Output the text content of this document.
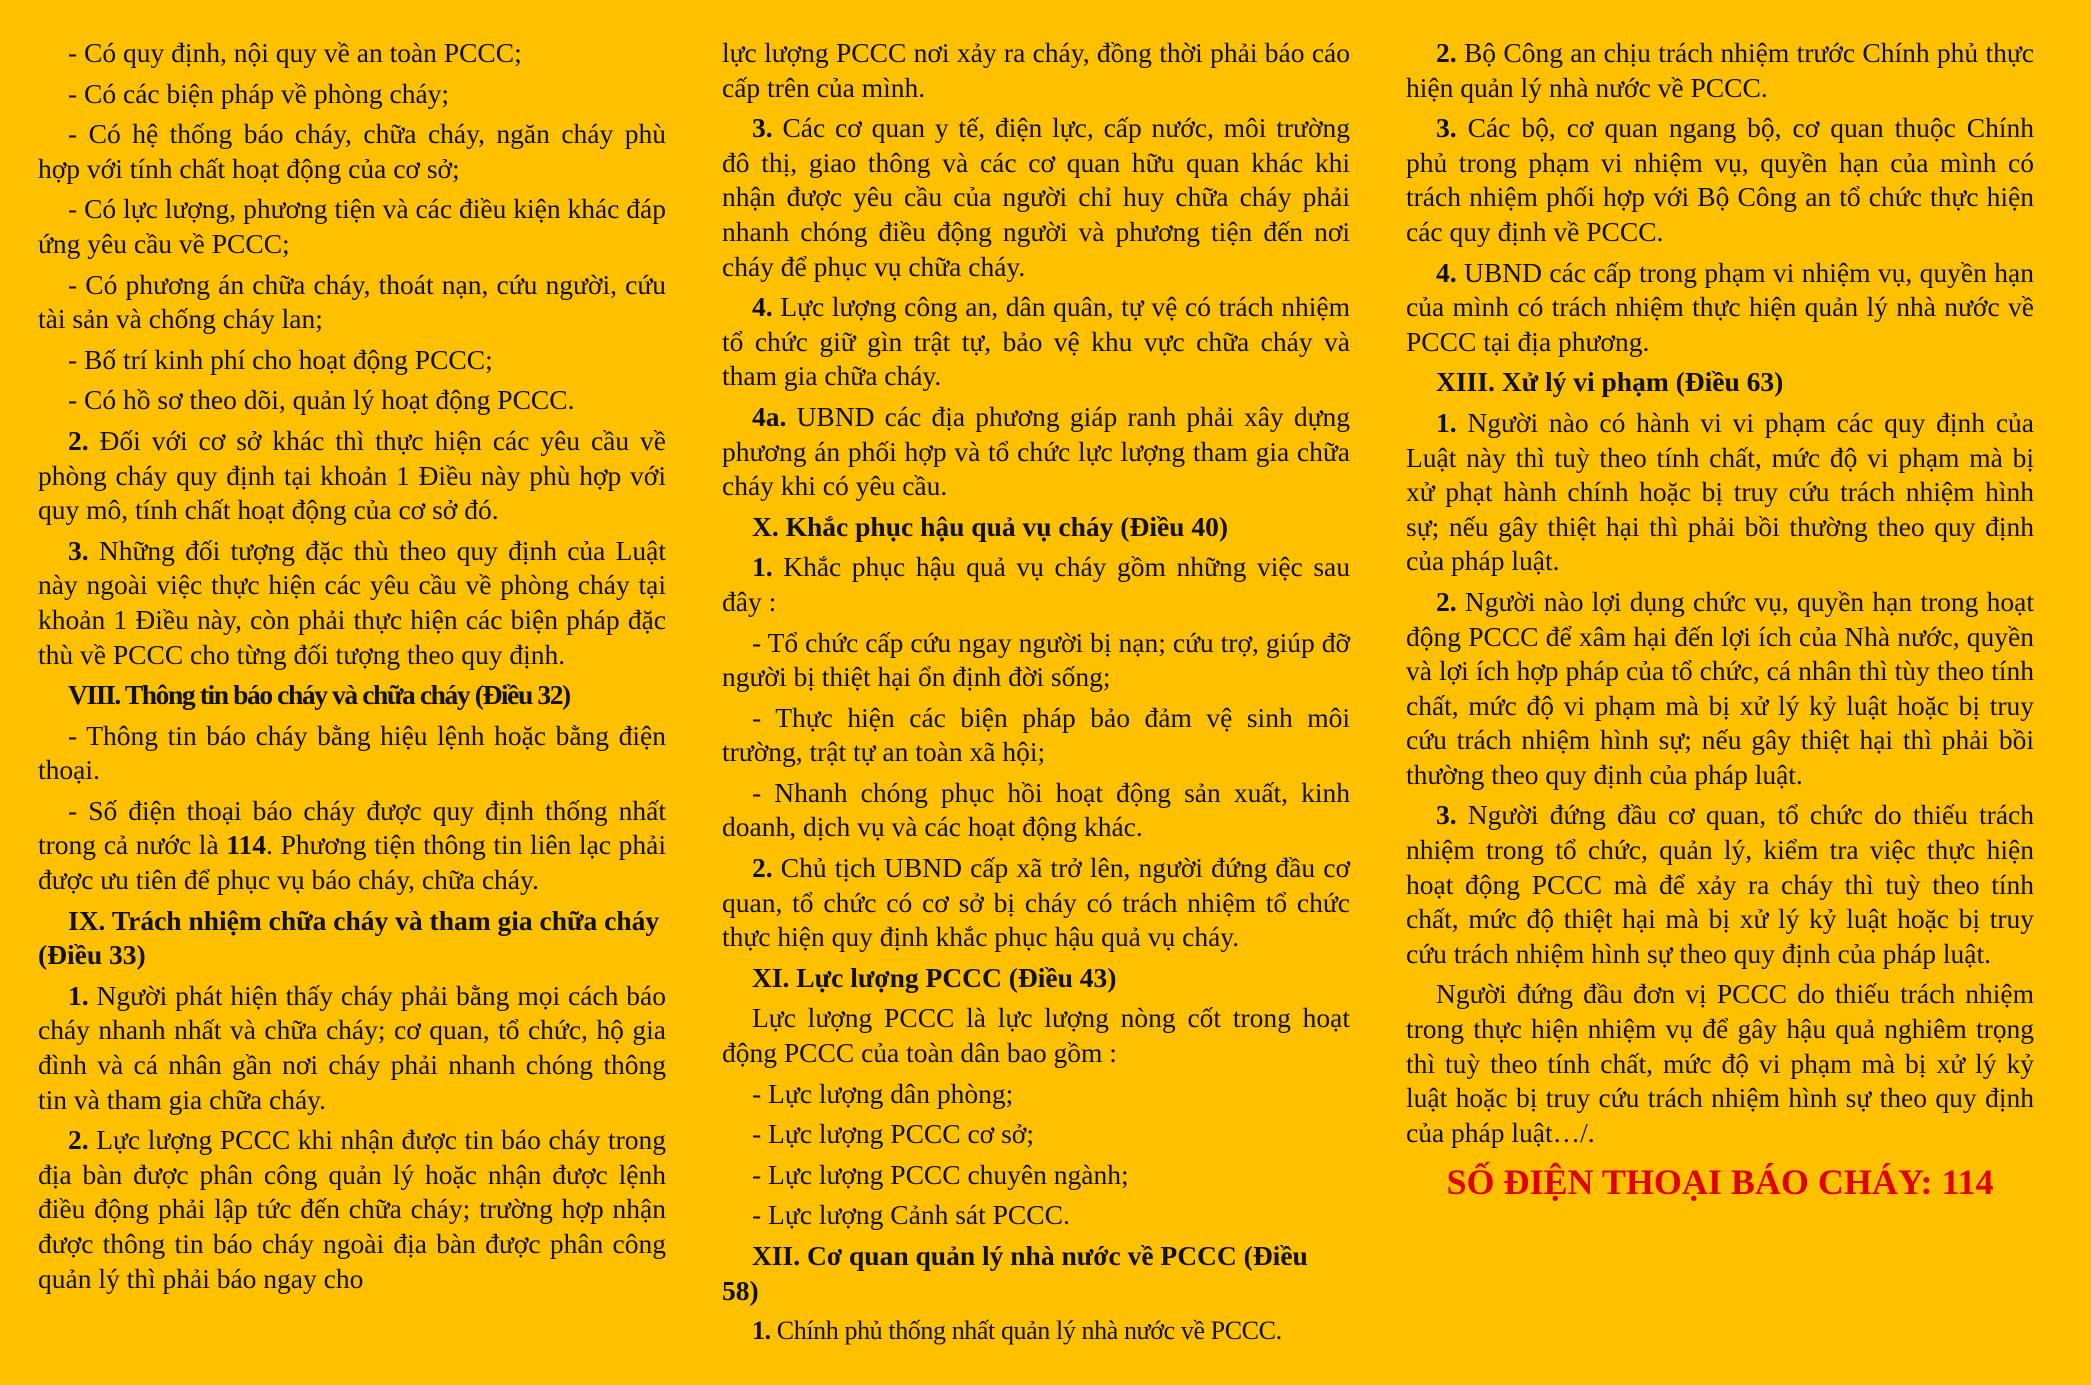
- Có quy định, nội quy về an toàn PCCC;
- Có các biện pháp về phòng cháy;
- Có hệ thống báo cháy, chữa cháy, ngăn cháy phù hợp với tính chất hoạt động của cơ sở;
- Có lực lượng, phương tiện và các điều kiện khác đáp ứng yêu cầu về PCCC;
- Có phương án chữa cháy, thoát nạn, cứu người, cứu tài sản và chống cháy lan;
- Bố trí kinh phí cho hoạt động PCCC;
- Có hồ sơ theo dõi, quản lý hoạt động PCCC.
2. Đối với cơ sở khác thì thực hiện các yêu cầu về phòng cháy quy định tại khoản 1 Điều này phù hợp với quy mô, tính chất hoạt động của cơ sở đó.
3. Những đối tượng đặc thù theo quy định của Luật này ngoài việc thực hiện các yêu cầu về phòng cháy tại khoản 1 Điều này, còn phải thực hiện các biện pháp đặc thù về PCCC cho từng đối tượng theo quy định.
VIII. Thông tin báo cháy và chữa cháy (Điều 32)
- Thông tin báo cháy bằng hiệu lệnh hoặc bằng điện thoại.
- Số điện thoại báo cháy được quy định thống nhất trong cả nước là 114. Phương tiện thông tin liên lạc phải được ưu tiên để phục vụ báo cháy, chữa cháy.
IX. Trách nhiệm chữa cháy và tham gia chữa cháy (Điều 33)
1. Người phát hiện thấy cháy phải bằng mọi cách báo cháy nhanh nhất và chữa cháy; cơ quan, tổ chức, hộ gia đình và cá nhân gần nơi cháy phải nhanh chóng thông tin và tham gia chữa cháy.
2. Lực lượng PCCC khi nhận được tin báo cháy trong địa bàn được phân công quản lý hoặc nhận được lệnh điều động phải lập tức đến chữa cháy; trường hợp nhận được thông tin báo cháy ngoài địa bàn được phân công quản lý thì phải báo ngay cho
lực lượng PCCC nơi xảy ra cháy, đồng thời phải báo cáo cấp trên của mình.
3. Các cơ quan y tế, điện lực, cấp nước, môi trường đô thị, giao thông và các cơ quan hữu quan khác khi nhận được yêu cầu của người chỉ huy chữa cháy phải nhanh chóng điều động người và phương tiện đến nơi cháy để phục vụ chữa cháy.
4. Lực lượng công an, dân quân, tự vệ có trách nhiệm tổ chức giữ gìn trật tự, bảo vệ khu vực chữa cháy và tham gia chữa cháy.
4a. UBND các địa phương giáp ranh phải xây dựng phương án phối hợp và tổ chức lực lượng tham gia chữa cháy khi có yêu cầu.
X. Khắc phục hậu quả vụ cháy (Điều 40)
1. Khắc phục hậu quả vụ cháy gồm những việc sau đây :
- Tổ chức cấp cứu ngay người bị nạn; cứu trợ, giúp đỡ người bị thiệt hại ổn định đời sống;
- Thực hiện các biện pháp bảo đảm vệ sinh môi trường, trật tự an toàn xã hội;
- Nhanh chóng phục hồi hoạt động sản xuất, kinh doanh, dịch vụ và các hoạt động khác.
2. Chủ tịch UBND cấp xã trở lên, người đứng đầu cơ quan, tổ chức có cơ sở bị cháy có trách nhiệm tổ chức thực hiện quy định khắc phục hậu quả vụ cháy.
XI. Lực lượng PCCC (Điều 43)
Lực lượng PCCC là lực lượng nòng cốt trong hoạt động PCCC của toàn dân bao gồm :
- Lực lượng dân phòng;
- Lực lượng PCCC cơ sở;
- Lực lượng PCCC chuyên ngành;
- Lực lượng Cảnh sát PCCC.
XII. Cơ quan quản lý nhà nước về PCCC (Điều 58)
1. Chính phủ thống nhất quản lý nhà nước về PCCC.
2. Bộ Công an chịu trách nhiệm trước Chính phủ thực hiện quản lý nhà nước về PCCC.
3. Các bộ, cơ quan ngang bộ, cơ quan thuộc Chính phủ trong phạm vi nhiệm vụ, quyền hạn của mình có trách nhiệm phối hợp với Bộ Công an tổ chức thực hiện các quy định về PCCC.
4. UBND các cấp trong phạm vi nhiệm vụ, quyền hạn của mình có trách nhiệm thực hiện quản lý nhà nước về PCCC tại địa phương.
XIII. Xử lý vi phạm (Điều 63)
1. Người nào có hành vi vi phạm các quy định của Luật này thì tuỳ theo tính chất, mức độ vi phạm mà bị xử phạt hành chính hoặc bị truy cứu trách nhiệm hình sự; nếu gây thiệt hại thì phải bồi thường theo quy định của pháp luật.
2. Người nào lợi dụng chức vụ, quyền hạn trong hoạt động PCCC để xâm hại đến lợi ích của Nhà nước, quyền và lợi ích hợp pháp của tổ chức, cá nhân thì tùy theo tính chất, mức độ vi phạm mà bị xử lý kỷ luật hoặc bị truy cứu trách nhiệm hình sự; nếu gây thiệt hại thì phải bồi thường theo quy định của pháp luật.
3. Người đứng đầu cơ quan, tổ chức do thiếu trách nhiệm trong tổ chức, quản lý, kiểm tra việc thực hiện hoạt động PCCC mà để xảy ra cháy thì tuỳ theo tính chất, mức độ thiệt hại mà bị xử lý kỷ luật hoặc bị truy cứu trách nhiệm hình sự theo quy định của pháp luật.
Người đứng đầu đơn vị PCCC do thiếu trách nhiệm trong thực hiện nhiệm vụ để gây hậu quả nghiêm trọng thì tuỳ theo tính chất, mức độ vi phạm mà bị xử lý kỷ luật hoặc bị truy cứu trách nhiệm hình sự theo quy định của pháp luật…/.
SỐ ĐIỆN THOẠI BÁO CHÁY: 114
